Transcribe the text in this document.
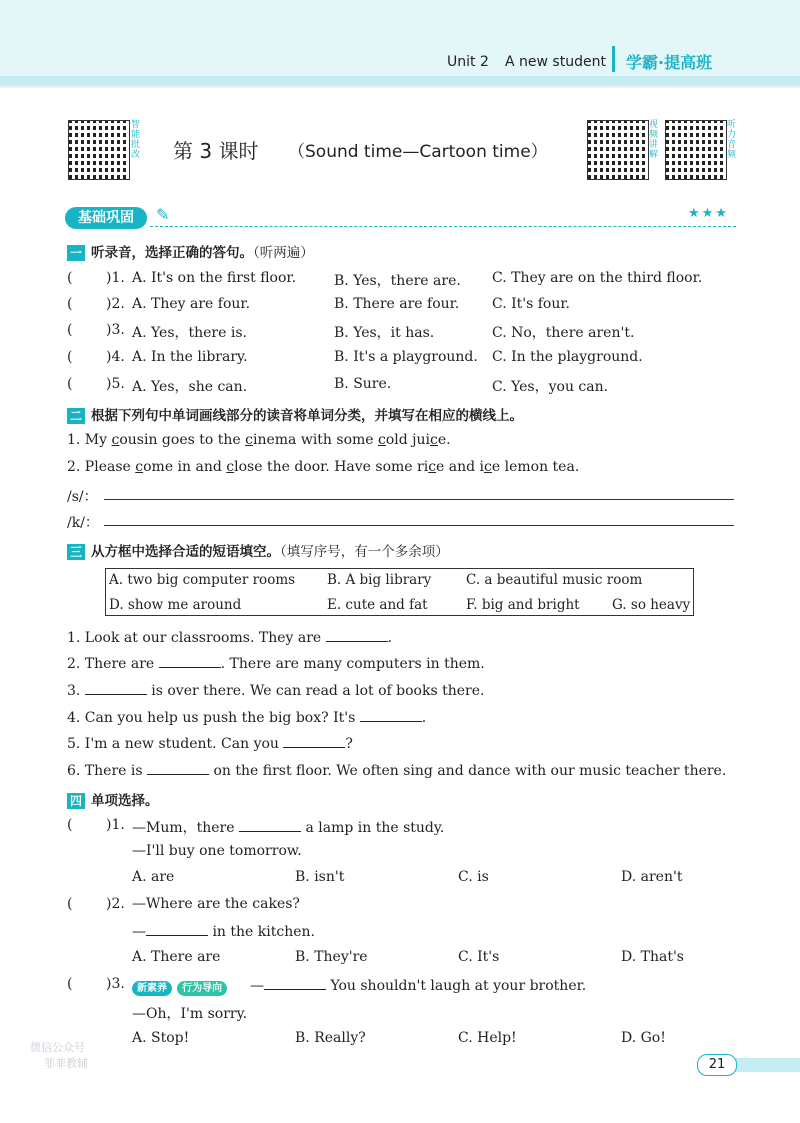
Unit 2 A new student 学霸·提高班
智能批改 第 3 课时 （Sound time—Cartoon time）
视频讲解
听力音频
基础巩固	✎	★★★
一 听录音，选择正确的答句。（听两遍）
( )1. A. It's on the first floor.	B. Yes，there are. C. They are on the third floor.
( )2. A. They are four.	B. There are four. C. It's four.
( )3. A. Yes，there is.	B. Yes，it has.	C. No，there aren't.
( )4. A. In the library.	B. It's a playground. C. In the playground.
( )5. A. Yes，she can.	B. Sure.	C. Yes，you can.
二 根据下列句中单词画线部分的读音将单词分类，并填写在相应的横线上。
1. My cousin goes to the cinema with some cold juice.
2. Please come in and close the door. Have some rice and ice lemon tea.
/s/：
/k/：
三 从方框中选择合适的短语填空。（填写序号，有一个多余项）
A. two big computer rooms B. A big library	C. a beautiful music room
D. show me around	E. cute and fat	F. big and bright G. so heavy
1. Look at our classrooms. They are	.
2. There are	. There are many computers in them.
3.	is over there. We can read a lot of books there.
4. Can you help us push the big box? It's	.
5. I'm a new student. Can you	?
6. There is	on the first floor. We often sing and dance with our music teacher there.
四 单项选择。
( )1. —Mum，there	a lamp in the study.
—I'll buy one tomorrow.
A. are	B. isn't	C. is	D. aren't
( )2. —Where are the cakes?
—	in the kitchen.
A. There are	B. They're	C. It's	D. That's
( )3.	新素养 行为导向	—	You shouldn't laugh at your brother.
—Oh，I'm sorry.
A. Stop!	B. Really?	C. Help!	D. Go!
21
微信公众号
菲菲教辅
